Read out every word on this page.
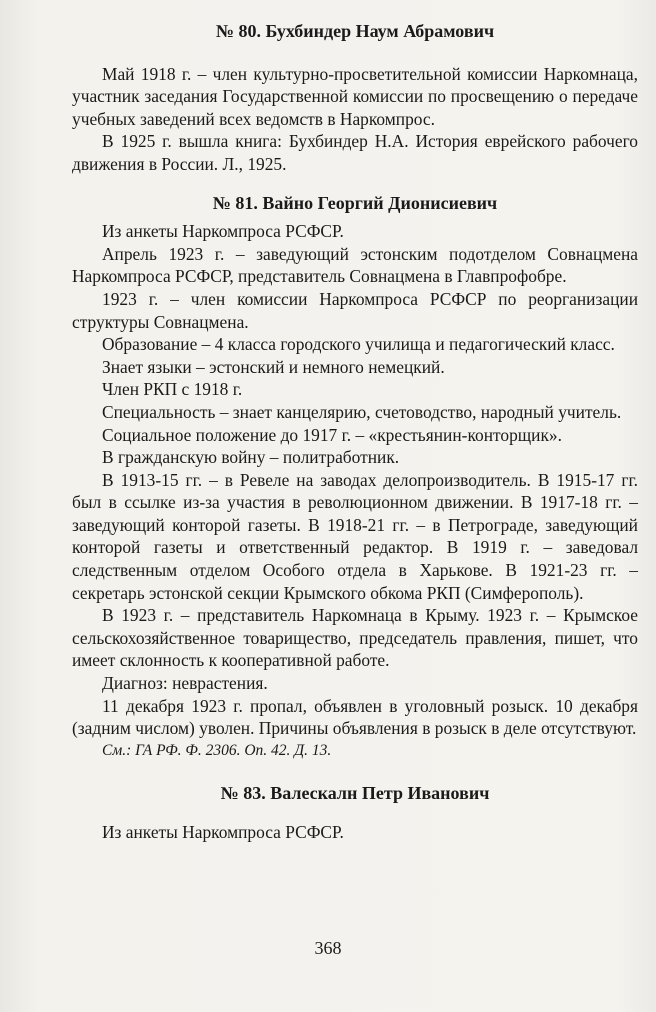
№ 80. Бухбиндер Наум Абрамович

Май 1918 г. – член культурно-просветительной комиссии Наркомнаца, участник заседания Государственной комиссии по просвещению о передаче учебных заведений всех ведомств в Наркомпрос.

В 1925 г. вышла книга: Бухбиндер Н.А. История еврейского рабочего движения в России. Л., 1925.

№ 81. Вайно Георгий Дионисиевич

Из анкеты Наркомпроса РСФСР.

Апрель 1923 г. – заведующий эстонским подотделом Совнацмена Наркомпроса РСФСР, представитель Совнацмена в Главпрофобре.

1923 г. – член комиссии Наркомпроса РСФСР по реорганизации структуры Совнацмена.

Образование – 4 класса городского училища и педагогический класс.

Знает языки – эстонский и немного немецкий.

Член РКП с 1918 г.

Специальность – знает канцелярию, счетоводство, народный учитель.

Социальное положение до 1917 г. – «крестьянин-конторщик».

В гражданскую войну – политработник.

В 1913-15 гг. – в Ревеле на заводах делопроизводитель. В 1915-17 гг. был в ссылке из-за участия в революционном движении. В 1917-18 гг. – заведующий конторой газеты. В 1918-21 гг. – в Петрограде, заведующий конторой газеты и ответственный редактор. В 1919 г. – заведовал следственным отделом Особого отдела в Харькове. В 1921-23 гг. – секретарь эстонской секции Крымского обкома РКП (Симферополь).

В 1923 г. – представитель Наркомнаца в Крыму. 1923 г. – Крымское сельскохозяйственное товарищество, председатель правления, пишет, что имеет склонность к кооперативной работе.

Диагноз: неврастения.

11 декабря 1923 г. пропал, объявлен в уголовный розыск. 10 декабря (задним числом) уволен. Причины объявления в розыск в деле отсутствуют.

См.: ГА РФ. Ф. 2306. Оп. 42. Д. 13.

№ 83. Валескалн Петр Иванович

Из анкеты Наркомпроса РСФСР.

368
